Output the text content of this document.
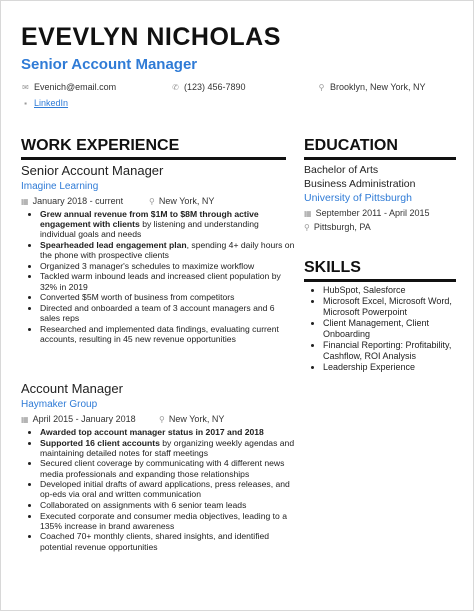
EVEVLYN NICHOLAS
Senior Account Manager
✉ Evenich@email.com	✆ (123) 456-7890	⚲ Brooklyn, New York, NY
▪ LinkedIn
WORK EXPERIENCE
Senior Account Manager
Imagine Learning
▦ January 2018 - current	⚲ New York, NY
• Grew annual revenue from $1M to $8M through active engagement with clients by listening and understanding individual goals and needs
• Spearheaded lead engagement plan, spending 4+ daily hours on the phone with prospective clients
• Organized 3 manager's schedules to maximize workflow
• Tackled warm inbound leads and increased client population by 32% in 2019
• Converted $5M worth of business from competitors
• Directed and onboarded a team of 3 account managers and 6 sales reps
• Researched and implemented data findings, evaluating current accounts, resulting in 45 new revenue opportunities
Account Manager
Haymaker Group
▦ April 2015 - January 2018	⚲ New York, NY
• Awarded top account manager status in 2017 and 2018
• Supported 16 client accounts by organizing weekly agendas and maintaining detailed notes for staff meetings
• Secured client coverage by communicating with 4 different news media professionals and expanding those relationships
• Developed initial drafts of award applications, press releases, and op-eds via oral and written communication
• Collaborated on assignments with 6 senior team leads
• Executed corporate and consumer media objectives, leading to a 135% increase in brand awareness
• Coached 70+ monthly clients, shared insights, and identified potential revenue opportunities
EDUCATION
Bachelor of Arts
Business Administration
University of Pittsburgh
▦ September 2011 - April 2015
⚲ Pittsburgh, PA
SKILLS
• HubSpot, Salesforce
• Microsoft Excel, Microsoft Word, Microsoft Powerpoint
• Client Management, Client Onboarding
• Financial Reporting: Profitability, Cashflow, ROI Analysis
• Leadership Experience
